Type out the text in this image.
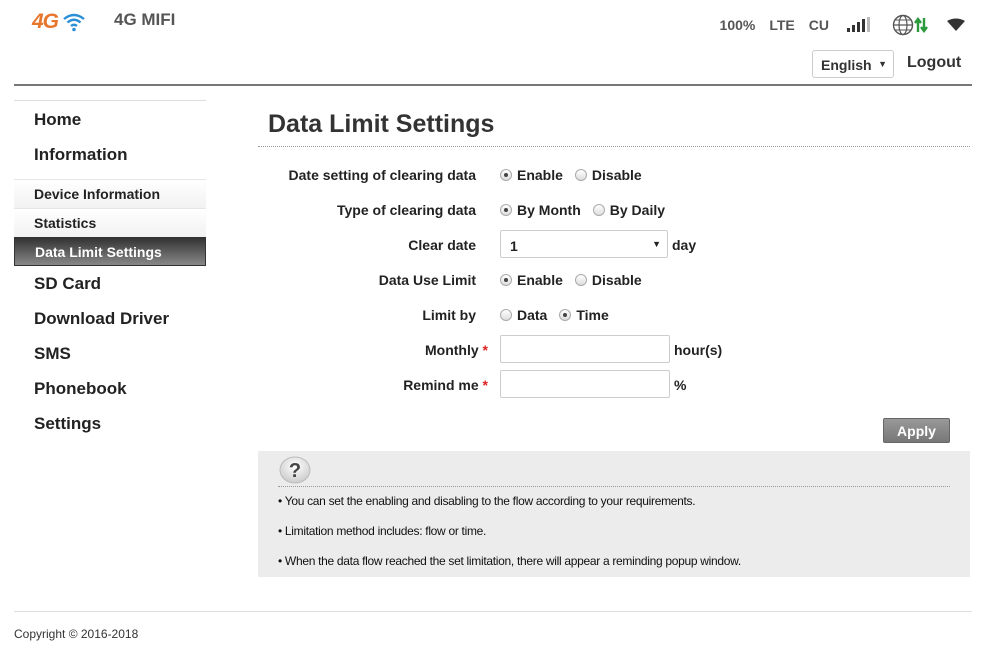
4G	4G MIFI	100% LTE CU
English ▼ Logout
Home
Information
Device Information
Statistics
Data Limit Settings
SD Card
Download Driver
SMS
Phonebook
Settings
Data Limit Settings
Date setting of clearing data	Enable Disable
Type of clearing data	By Month By Daily
Clear date	1	▼ day
Data Use Limit	Enable Disable
Limit by	Data Time
Monthly *	hour(s)
Remind me *	%
Apply
?
• You can set the enabling and disabling to the flow according to your requirements.
• Limitation method includes: flow or time.
• When the data flow reached the set limitation, there will appear a reminding popup window.
Copyright © 2016-2018
